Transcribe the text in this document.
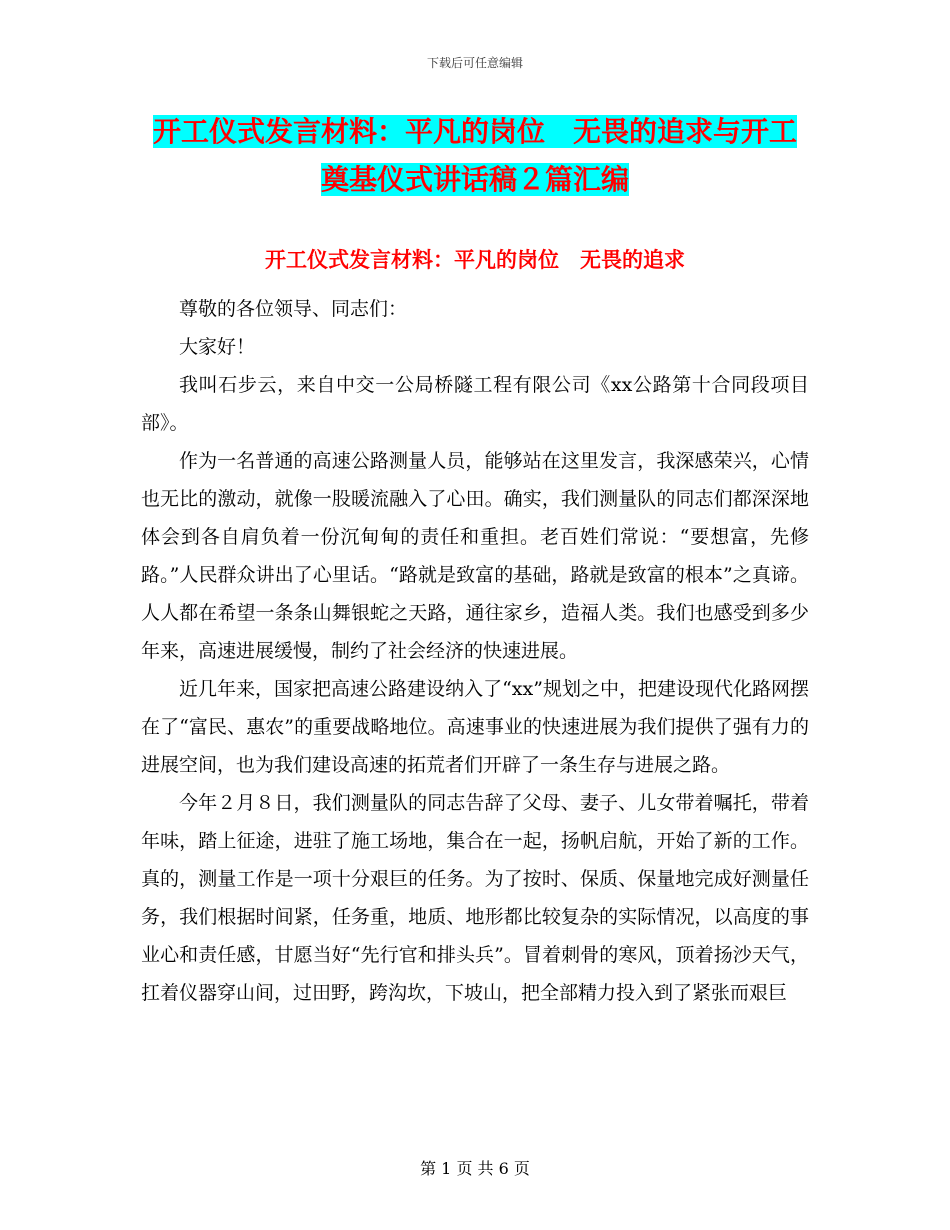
下载后可任意编辑
开工仪式发言材料：平凡的岗位　无畏的追求与开工
奠基仪式讲话稿２篇汇编
开工仪式发言材料：平凡的岗位　无畏的追求

尊敬的各位领导、同志们：

大家好！

我叫石步云，来自中交一公局桥隧工程有限公司《xx公路第十合同段项目部》。

作为一名普通的高速公路测量人员，能够站在这里发言，我深感荣兴，心情也无比的激动，就像一股暖流融入了心田。确实，我们测量队的同志们都深深地体会到各自肩负着一份沉甸甸的责任和重担。老百姓们常说：“要想富，先修路。”人民群众讲出了心里话。“路就是致富的基础，路就是致富的根本”之真谛。人人都在希望一条条山舞银蛇之天路，通往家乡，造福人类。我们也感受到多少年来，高速进展缓慢，制约了社会经济的快速进展。

近几年来，国家把高速公路建设纳入了“xx”规划之中，把建设现代化路网摆在了“富民、惠农”的重要战略地位。高速事业的快速进展为我们提供了强有力的进展空间，也为我们建设高速的拓荒者们开辟了一条生存与进展之路。

今年２月８日，我们测量队的同志告辞了父母、妻子、儿女带着嘱托，带着年味，踏上征途，进驻了施工场地，集合在一起，扬帆启航，开始了新的工作。真的，测量工作是一项十分艰巨的任务。为了按时、保质、保量地完成好测量任务，我们根据时间紧，任务重，地质、地形都比较复杂的实际情况，以高度的事业心和责任感，甘愿当好“先行官和排头兵”。冒着刺骨的寒风，顶着扬沙天气，扛着仪器穿山间，过田野，跨沟坎，下坡山，把全部精力投入到了紧张而艰巨

第 1 页 共 6 页
